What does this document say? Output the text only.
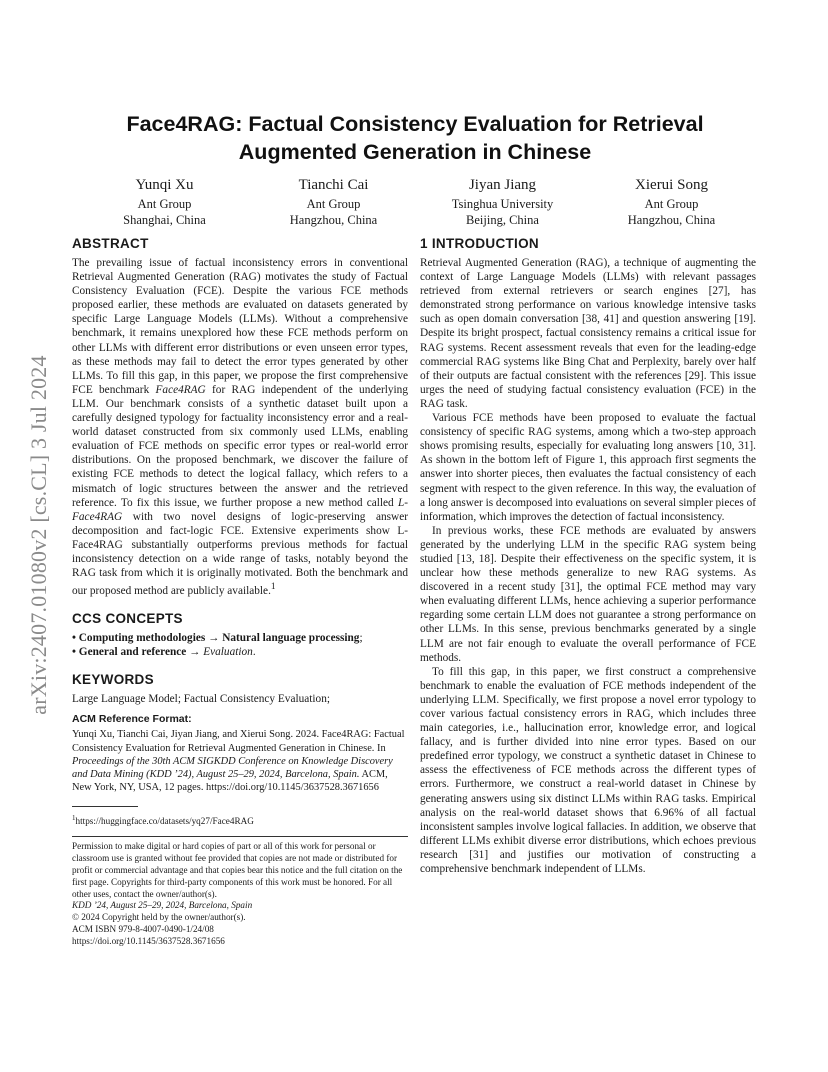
arXiv:2407.01080v2 [cs.CL] 3 Jul 2024
Face4RAG: Factual Consistency Evaluation for Retrieval
Augmented Generation in Chinese
Yunqi Xu
Ant Group
Shanghai, China
Tianchi Cai
Ant Group
Hangzhou, China
Jiyan Jiang
Tsinghua University
Beijing, China
Xierui Song
Ant Group
Hangzhou, China
ABSTRACT

The prevailing issue of factual inconsistency errors in conventional Retrieval Augmented Generation (RAG) motivates the study of Factual Consistency Evaluation (FCE). Despite the various FCE methods proposed earlier, these methods are evaluated on datasets generated by specific Large Language Models (LLMs). Without a comprehensive benchmark, it remains unexplored how these FCE methods perform on other LLMs with different error distributions or even unseen error types, as these methods may fail to detect the error types generated by other LLMs. To fill this gap, in this paper, we propose the first comprehensive FCE benchmark Face4RAG for RAG independent of the underlying LLM. Our benchmark consists of a synthetic dataset built upon a carefully designed typology for factuality inconsistency error and a real-world dataset constructed from six commonly used LLMs, enabling evaluation of FCE methods on specific error types or real-world error distributions. On the proposed benchmark, we discover the failure of existing FCE methods to detect the logical fallacy, which refers to a mismatch of logic structures between the answer and the retrieved reference. To fix this issue, we further propose a new method called L-Face4RAG with two novel designs of logic-preserving answer decomposition and fact-logic FCE. Extensive experiments show L-Face4RAG substantially outperforms previous methods for factual inconsistency detection on a wide range of tasks, notably beyond the RAG task from which it is originally motivated. Both the benchmark and our proposed method are publicly available.$^1$

CCS CONCEPTS

• Computing methodologies → Natural language processing;

• General and reference → Evaluation.

KEYWORDS

Large Language Model; Factual Consistency Evaluation;

ACM Reference Format:

Yunqi Xu, Tianchi Cai, Jiyan Jiang, and Xierui Song. 2024. Face4RAG: Factual Consistency Evaluation for Retrieval Augmented Generation in Chinese. In Proceedings of the 30th ACM SIGKDD Conference on Knowledge Discovery and Data Mining (KDD ’24), August 25–29, 2024, Barcelona, Spain. ACM, New York, NY, USA, 12 pages. https://doi.org/10.1145/3637528.3671656

$^1$https://huggingface.co/datasets/yq27/Face4RAG

Permission to make digital or hard copies of part or all of this work for personal or classroom use is granted without fee provided that copies are not made or distributed for profit or commercial advantage and that copies bear this notice and the full citation on the first page. Copyrights for third-party components of this work must be honored. For all other uses, contact the owner/author(s).

KDD ’24, August 25–29, 2024, Barcelona, Spain

© 2024 Copyright held by the owner/author(s).

ACM ISBN 979-8-4007-0490-1/24/08

https://doi.org/10.1145/3637528.3671656

1 INTRODUCTION

Retrieval Augmented Generation (RAG), a technique of augmenting the context of Large Language Models (LLMs) with relevant passages retrieved from external retrievers or search engines [27], has demonstrated strong performance on various knowledge intensive tasks such as open domain conversation [38, 41] and question answering [19]. Despite its bright prospect, factual consistency remains a critical issue for RAG systems. Recent assessment reveals that even for the leading-edge commercial RAG systems like Bing Chat and Perplexity, barely over half of their outputs are factual consistent with the references [29]. This issue urges the need of studying factual consistency evaluation (FCE) in the RAG task.

Various FCE methods have been proposed to evaluate the factual consistency of specific RAG systems, among which a two-step approach shows promising results, especially for evaluating long answers [10, 31]. As shown in the bottom left of Figure 1, this approach first segments the answer into shorter pieces, then evaluates the factual consistency of each segment with respect to the given reference. In this way, the evaluation of a long answer is decomposed into evaluations on several simpler pieces of information, which improves the detection of factual inconsistency.

In previous works, these FCE methods are evaluated by answers generated by the underlying LLM in the specific RAG system being studied [13, 18]. Despite their effectiveness on the specific system, it is unclear how these methods generalize to new RAG systems. As discovered in a recent study [31], the optimal FCE method may vary when evaluating different LLMs, hence achieving a superior performance regarding some certain LLM does not guarantee a strong performance on other LLMs. In this sense, previous benchmarks generated by a single LLM are not fair enough to evaluate the overall performance of FCE methods.

To fill this gap, in this paper, we first construct a comprehensive benchmark to enable the evaluation of FCE methods independent of the underlying LLM. Specifically, we first propose a novel error typology to cover various factual consistency errors in RAG, which includes three main categories, i.e., hallucination error, knowledge error, and logical fallacy, and is further divided into nine error types. Based on our predefined error typology, we construct a synthetic dataset in Chinese to assess the effectiveness of FCE methods across the different types of errors. Furthermore, we construct a real-world dataset in Chinese by generating answers using six distinct LLMs within RAG tasks. Empirical analysis on the real-world dataset shows that 6.96% of all factual inconsistent samples involve logical fallacies. In addition, we observe that different LLMs exhibit diverse error distributions, which echoes previous research [31] and justifies our motivation of constructing a comprehensive benchmark independent of LLMs.
